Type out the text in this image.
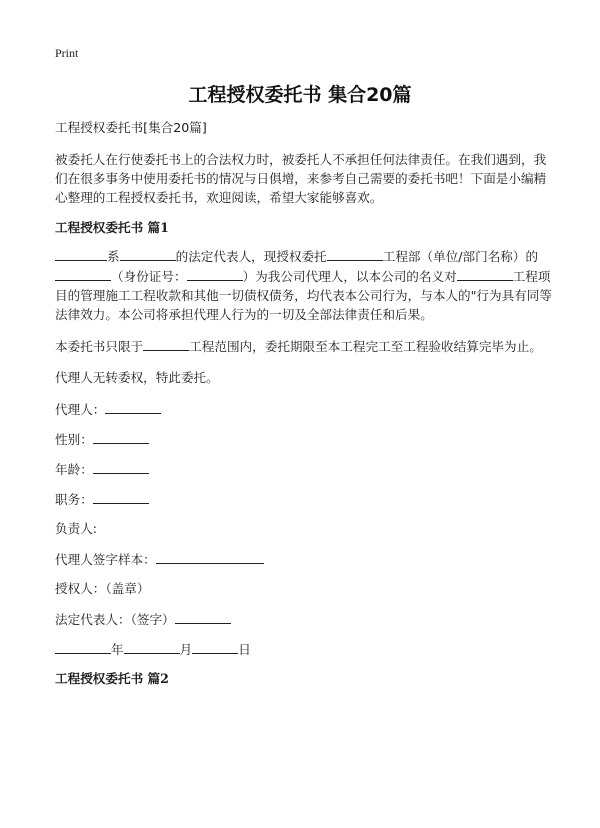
Print
工程授权委托书 集合20篇

工程授权委托书[集合20篇]

被委托人在行使委托书上的合法权力时，被委托人不承担任何法律责任。在我们遇到，我们在很多事务中使用委托书的情况与日俱增，来参考自己需要的委托书吧！下面是小编精心整理的工程授权委托书，欢迎阅读，希望大家能够喜欢。

工程授权委托书 篇1

系	的法定代表人，现授权委托	工程部（单位/部门名称）的（身份证号：	）为我公司代理人，以本公司的名义对	工程项目的管理施工工程收款和其他一切债权债务，均代表本公司行为，与本人的"行为具有同等法律效力。本公司将承担代理人行为的一切及全部法律责任和后果。

本委托书只限于	工程范围内，委托期限至本工程完工至工程验收结算完毕为止。

代理人无转委权，特此委托。

代理人：

性别：

年龄：

职务：

负责人:

代理人签字样本：

授权人：（盖章）

法定代表人：（签字）

年	月	日

工程授权委托书 篇2
